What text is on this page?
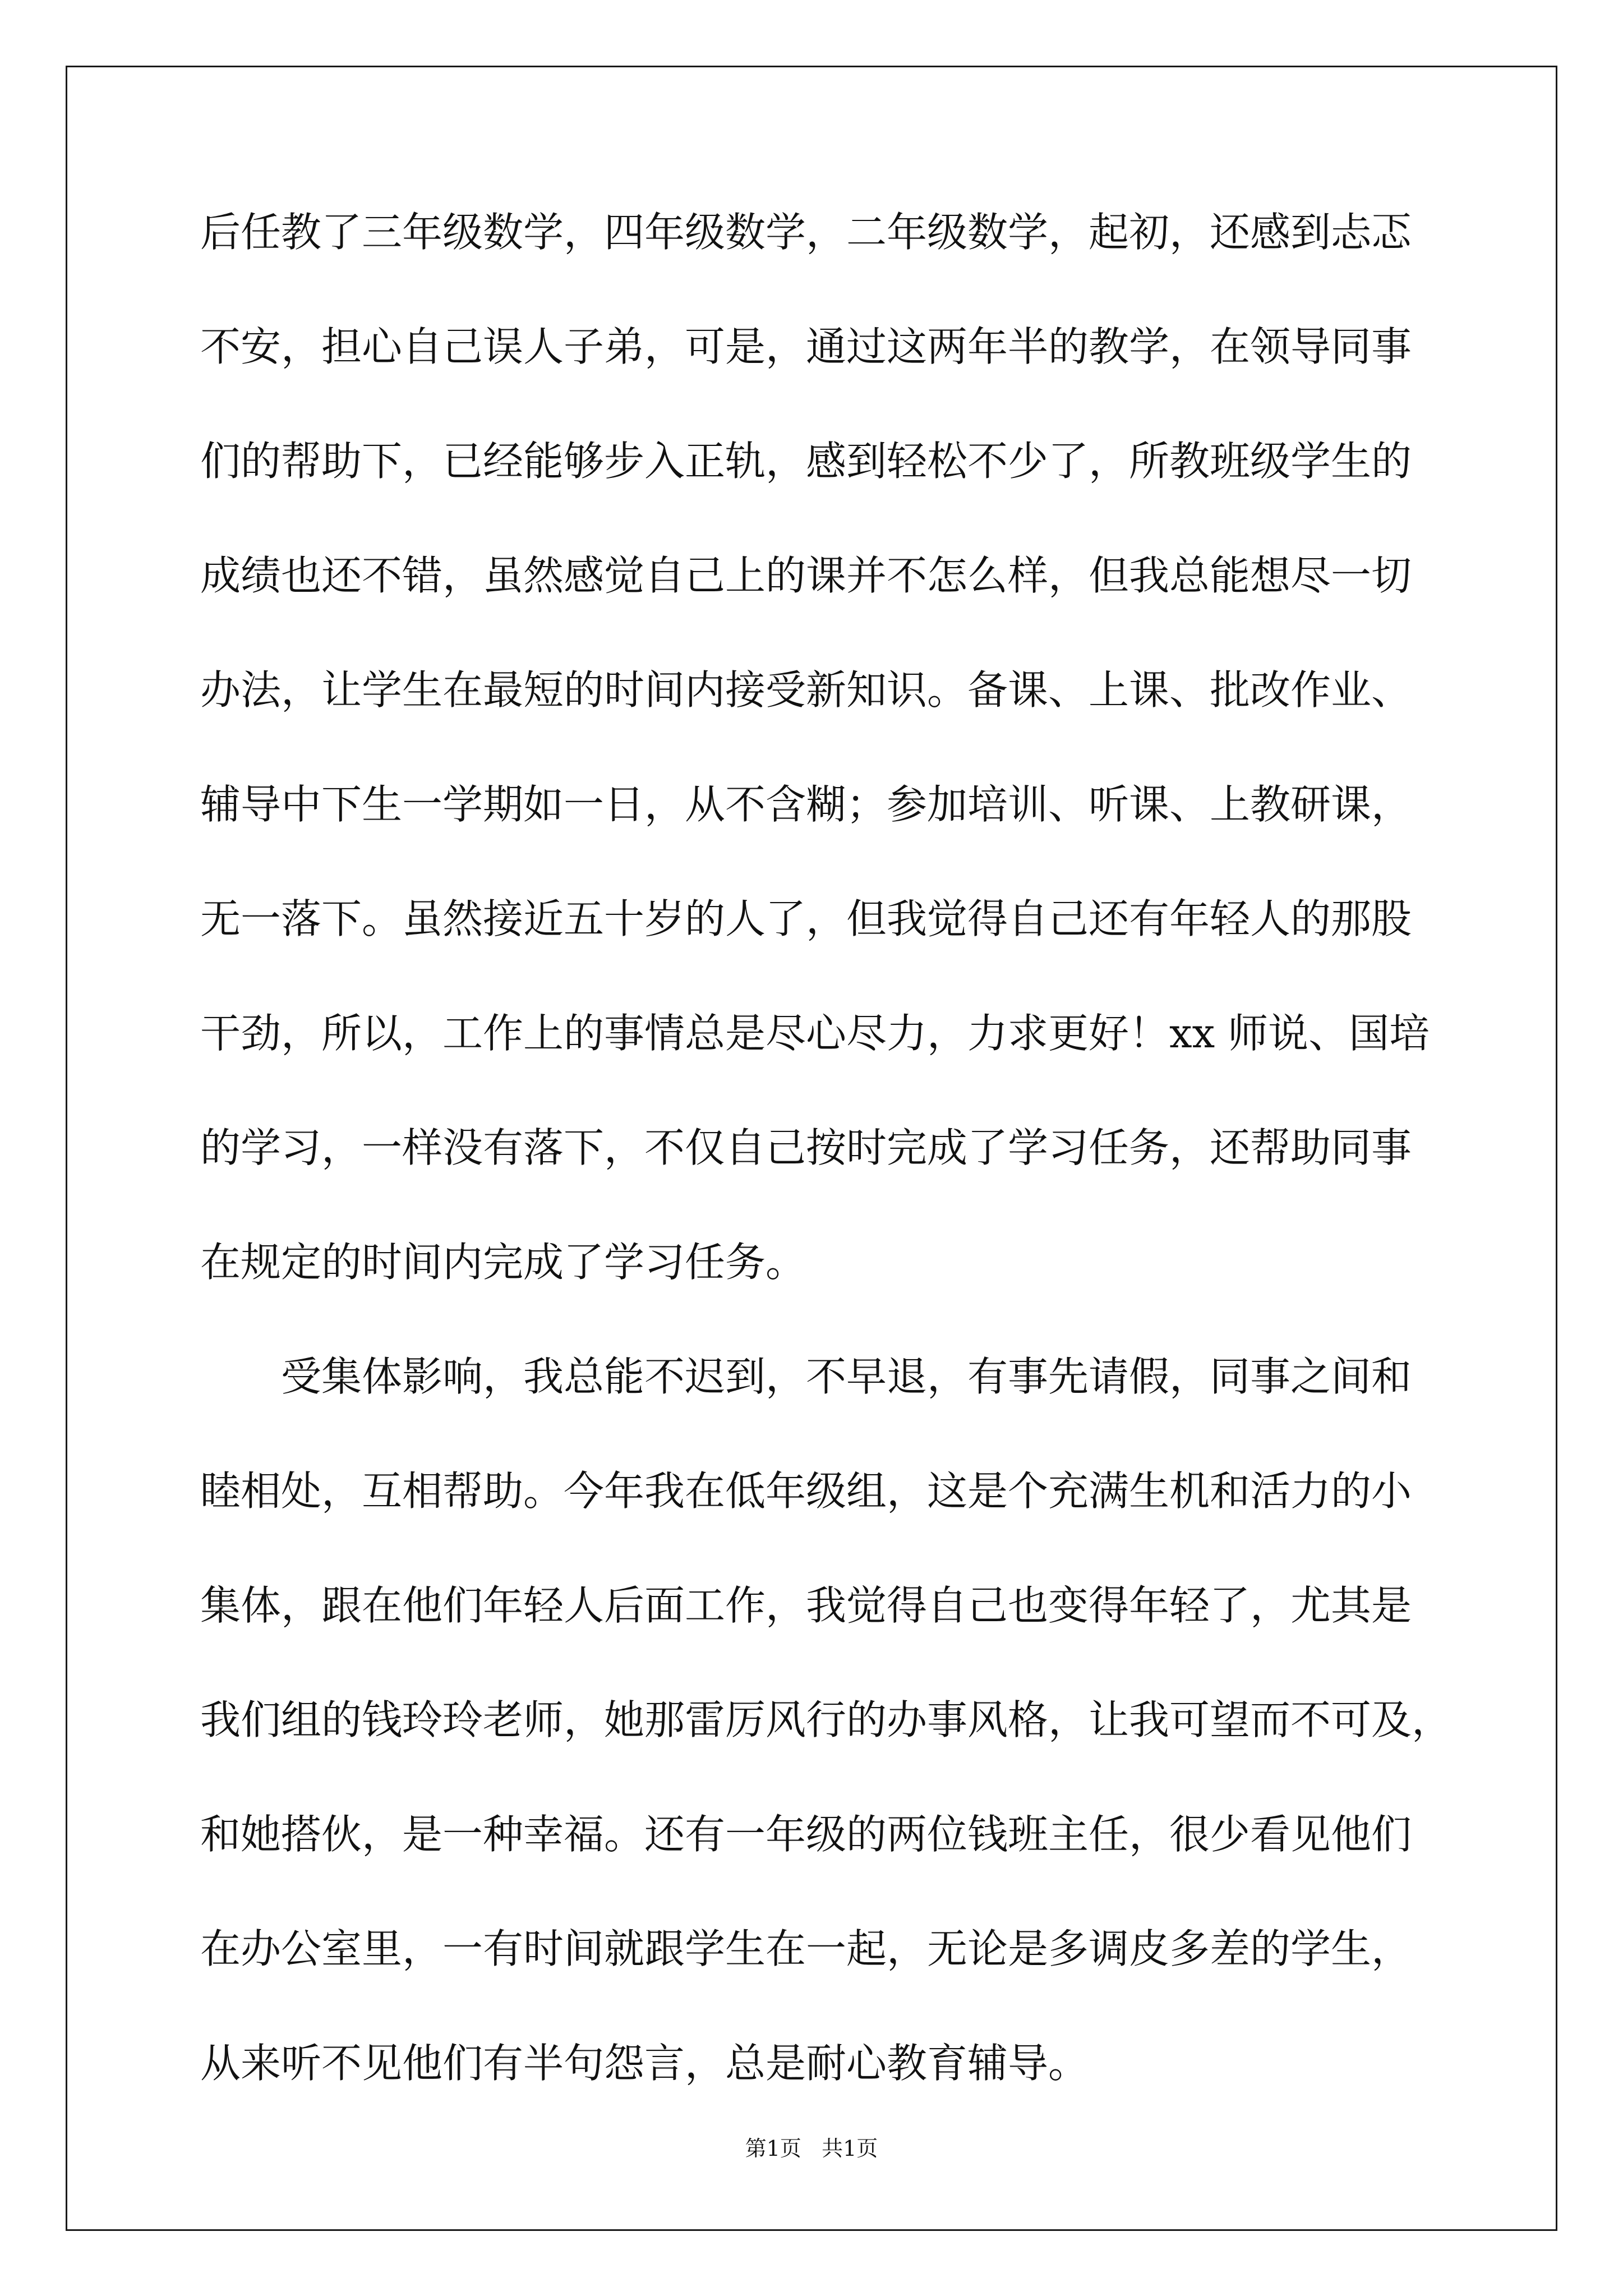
后任教了三年级数学，四年级数学，二年级数学，起初，还感到忐忑
不安，担心自己误人子弟，可是，通过这两年半的教学，在领导同事
们的帮助下，已经能够步入正轨，感到轻松不少了，所教班级学生的
成绩也还不错，虽然感觉自己上的课并不怎么样，但我总能想尽一切
办法，让学生在最短的时间内接受新知识。备课、上课、批改作业、
辅导中下生一学期如一日，从不含糊；参加培训、听课、上教研课，
无一落下。虽然接近五十岁的人了，但我觉得自己还有年轻人的那股
干劲，所以，工作上的事情总是尽心尽力，力求更好！xx 师说、国培
的学习，一样没有落下，不仅自己按时完成了学习任务，还帮助同事
在规定的时间内完成了学习任务。
受集体影响，我总能不迟到，不早退，有事先请假，同事之间和
睦相处，互相帮助。今年我在低年级组，这是个充满生机和活力的小
集体，跟在他们年轻人后面工作，我觉得自己也变得年轻了，尤其是
我们组的钱玲玲老师，她那雷厉风行的办事风格，让我可望而不可及，
和她搭伙，是一种幸福。还有一年级的两位钱班主任，很少看见他们
在办公室里，一有时间就跟学生在一起，无论是多调皮多差的学生，
从来听不见他们有半句怨言，总是耐心教育辅导。
第1页   共1页
